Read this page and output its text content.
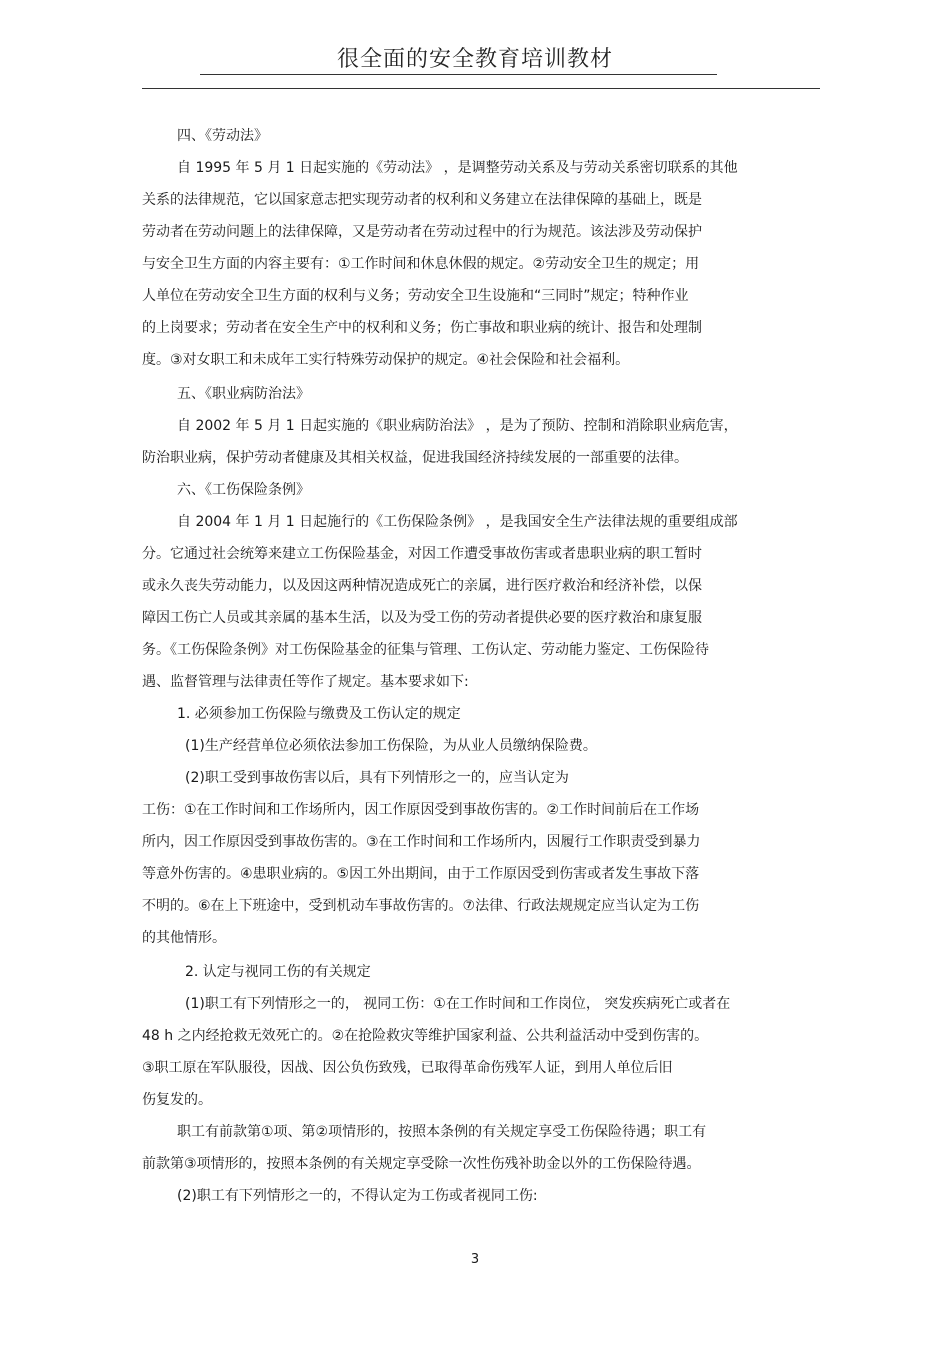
很全面的安全教育培训教材
四、《劳动法》
自 1995 年 5 月 1 日起实施的《劳动法》 ，是调整劳动关系及与劳动关系密切联系的其他
关系的法律规范，它以国家意志把实现劳动者的权利和义务建立在法律保障的基础上，既是
劳动者在劳动问题上的法律保障，又是劳动者在劳动过程中的行为规范。该法涉及劳动保护
与安全卫生方面的内容主要有：①工作时间和休息休假的规定。②劳动安全卫生的规定；用
人单位在劳动安全卫生方面的权利与义务；劳动安全卫生设施和“三同时”规定；特种作业
的上岗要求；劳动者在安全生产中的权利和义务；伤亡事故和职业病的统计、报告和处理制
度。③对女职工和未成年工实行特殊劳动保护的规定。④社会保险和社会福利。
五、《职业病防治法》
自 2002 年 5 月 1 日起实施的《职业病防治法》 ，是为了预防、控制和消除职业病危害，
防治职业病，保护劳动者健康及其相关权益，促进我国经济持续发展的一部重要的法律。
六、《工伤保险条例》
自 2004 年 1 月 1 日起施行的《工伤保险条例》 ，是我国安全生产法律法规的重要组成部
分。它通过社会统筹来建立工伤保险基金，对因工作遭受事故伤害或者患职业病的职工暂时
或永久丧失劳动能力，以及因这两种情况造成死亡的亲属，进行医疗救治和经济补偿，以保
障因工伤亡人员或其亲属的基本生活，以及为受工伤的劳动者提供必要的医疗救治和康复服
务。《工伤保险条例》对工伤保险基金的征集与管理、工伤认定、劳动能力鉴定、工伤保险待
遇、监督管理与法律责任等作了规定。基本要求如下:
1. 必须参加工伤保险与缴费及工伤认定的规定
(1)生产经营单位必须依法参加工伤保险，为从业人员缴纳保险费。
(2)职工受到事故伤害以后，具有下列情形之一的，应当认定为
工伤：①在工作时间和工作场所内，因工作原因受到事故伤害的。②工作时间前后在工作场
所内，因工作原因受到事故伤害的。③在工作时间和工作场所内，因履行工作职责受到暴力
等意外伤害的。④患职业病的。⑤因工外出期间，由于工作原因受到伤害或者发生事故下落
不明的。⑥在上下班途中，受到机动车事故伤害的。⑦法律、行政法规规定应当认定为工伤
的其他情形。
2. 认定与视同工伤的有关规定
(1)职工有下列情形之一的， 视同工伤：①在工作时间和工作岗位， 突发疾病死亡或者在
48 h 之内经抢救无效死亡的。②在抢险救灾等维护国家利益、公共利益活动中受到伤害的。
③职工原在军队服役，因战、因公负伤致残，已取得革命伤残军人证，到用人单位后旧
伤复发的。
职工有前款第①项、第②项情形的，按照本条例的有关规定享受工伤保险待遇；职工有
前款第③项情形的，按照本条例的有关规定享受除一次性伤残补助金以外的工伤保险待遇。
(2)职工有下列情形之一的，不得认定为工伤或者视同工伤:
3
